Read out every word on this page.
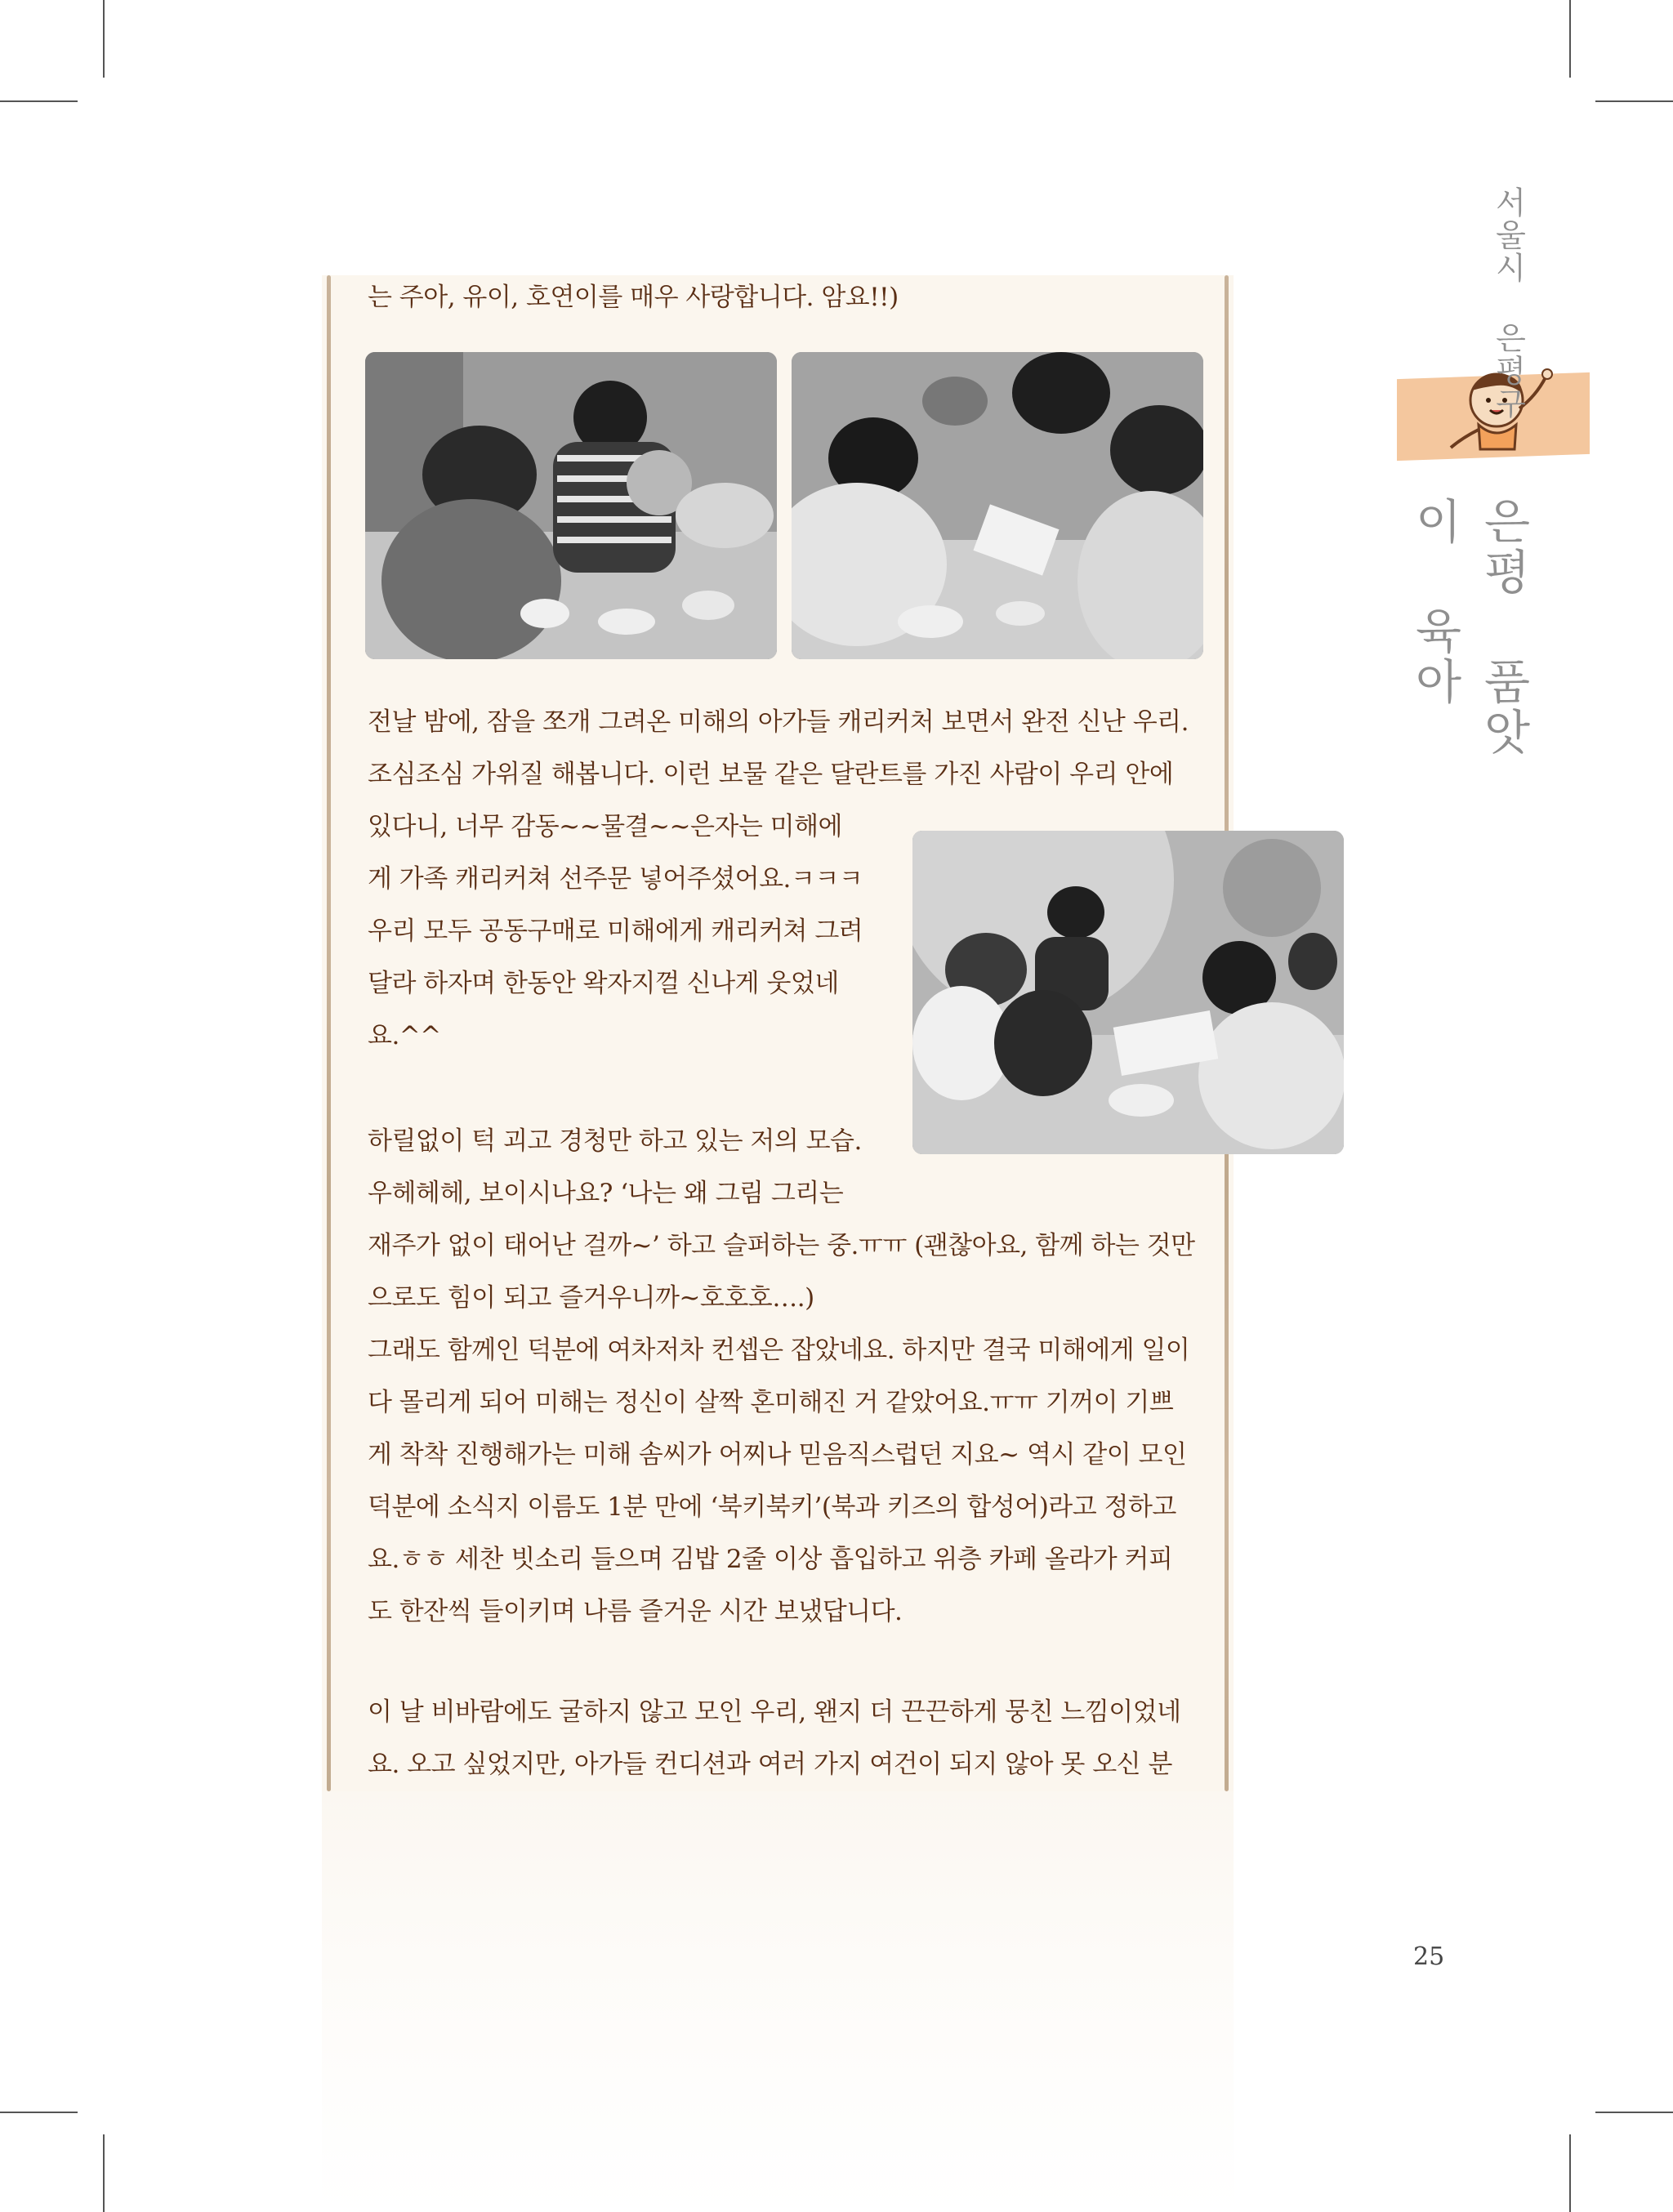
는 주아, 유이, 호연이를 매우 사랑합니다. 암요!!)

전날 밤에, 잠을 쪼개 그려온 미해의 아가들 캐리커처 보면서 완전 신난 우리.

조심조심 가위질 해봅니다. 이런 보물 같은 달란트를 가진 사람이 우리 안에

있다니, 너무 감동~~물결~~은자는 미해에

게 가족 캐리커쳐 선주문 넣어주셨어요.ㅋㅋㅋ

우리 모두 공동구매로 미해에게 캐리커쳐 그려

달라 하자며 한동안 왁자지껄 신나게 웃었네

요.^^

하릴없이 턱 괴고 경청만 하고 있는 저의 모습.

우헤헤헤, 보이시나요? ‘나는 왜 그림 그리는

재주가 없이 태어난 걸까~’ 하고 슬퍼하는 중.ㅠㅠ (괜찮아요, 함께 하는 것만

으로도 힘이 되고 즐거우니까~호호호….)

그래도 함께인 덕분에 여차저차 컨셉은 잡았네요. 하지만 결국 미해에게 일이

다 몰리게 되어 미해는 정신이 살짝 혼미해진 거 같았어요.ㅠㅠ 기꺼이 기쁘

게 착착 진행해가는 미해 솜씨가 어찌나 믿음직스럽던 지요~ 역시 같이 모인

덕분에 소식지 이름도 1분 만에 ‘북키북키’(북과 키즈의 합성어)라고 정하고

요.ㅎㅎ 세찬 빗소리 들으며 김밥 2줄 이상 흡입하고 위층 카페 올라가 커피

도 한잔씩 들이키며 나름 즐거운 시간 보냈답니다.

이 날 비바람에도 굴하지 않고 모인 우리, 왠지 더 끈끈하게 뭉친 느낌이었네

요. 오고 싶었지만, 아가들 컨디션과 여러 가지 여건이 되지 않아 못 오신 분

서울시 은평구
은평 품앗이 육아
25
